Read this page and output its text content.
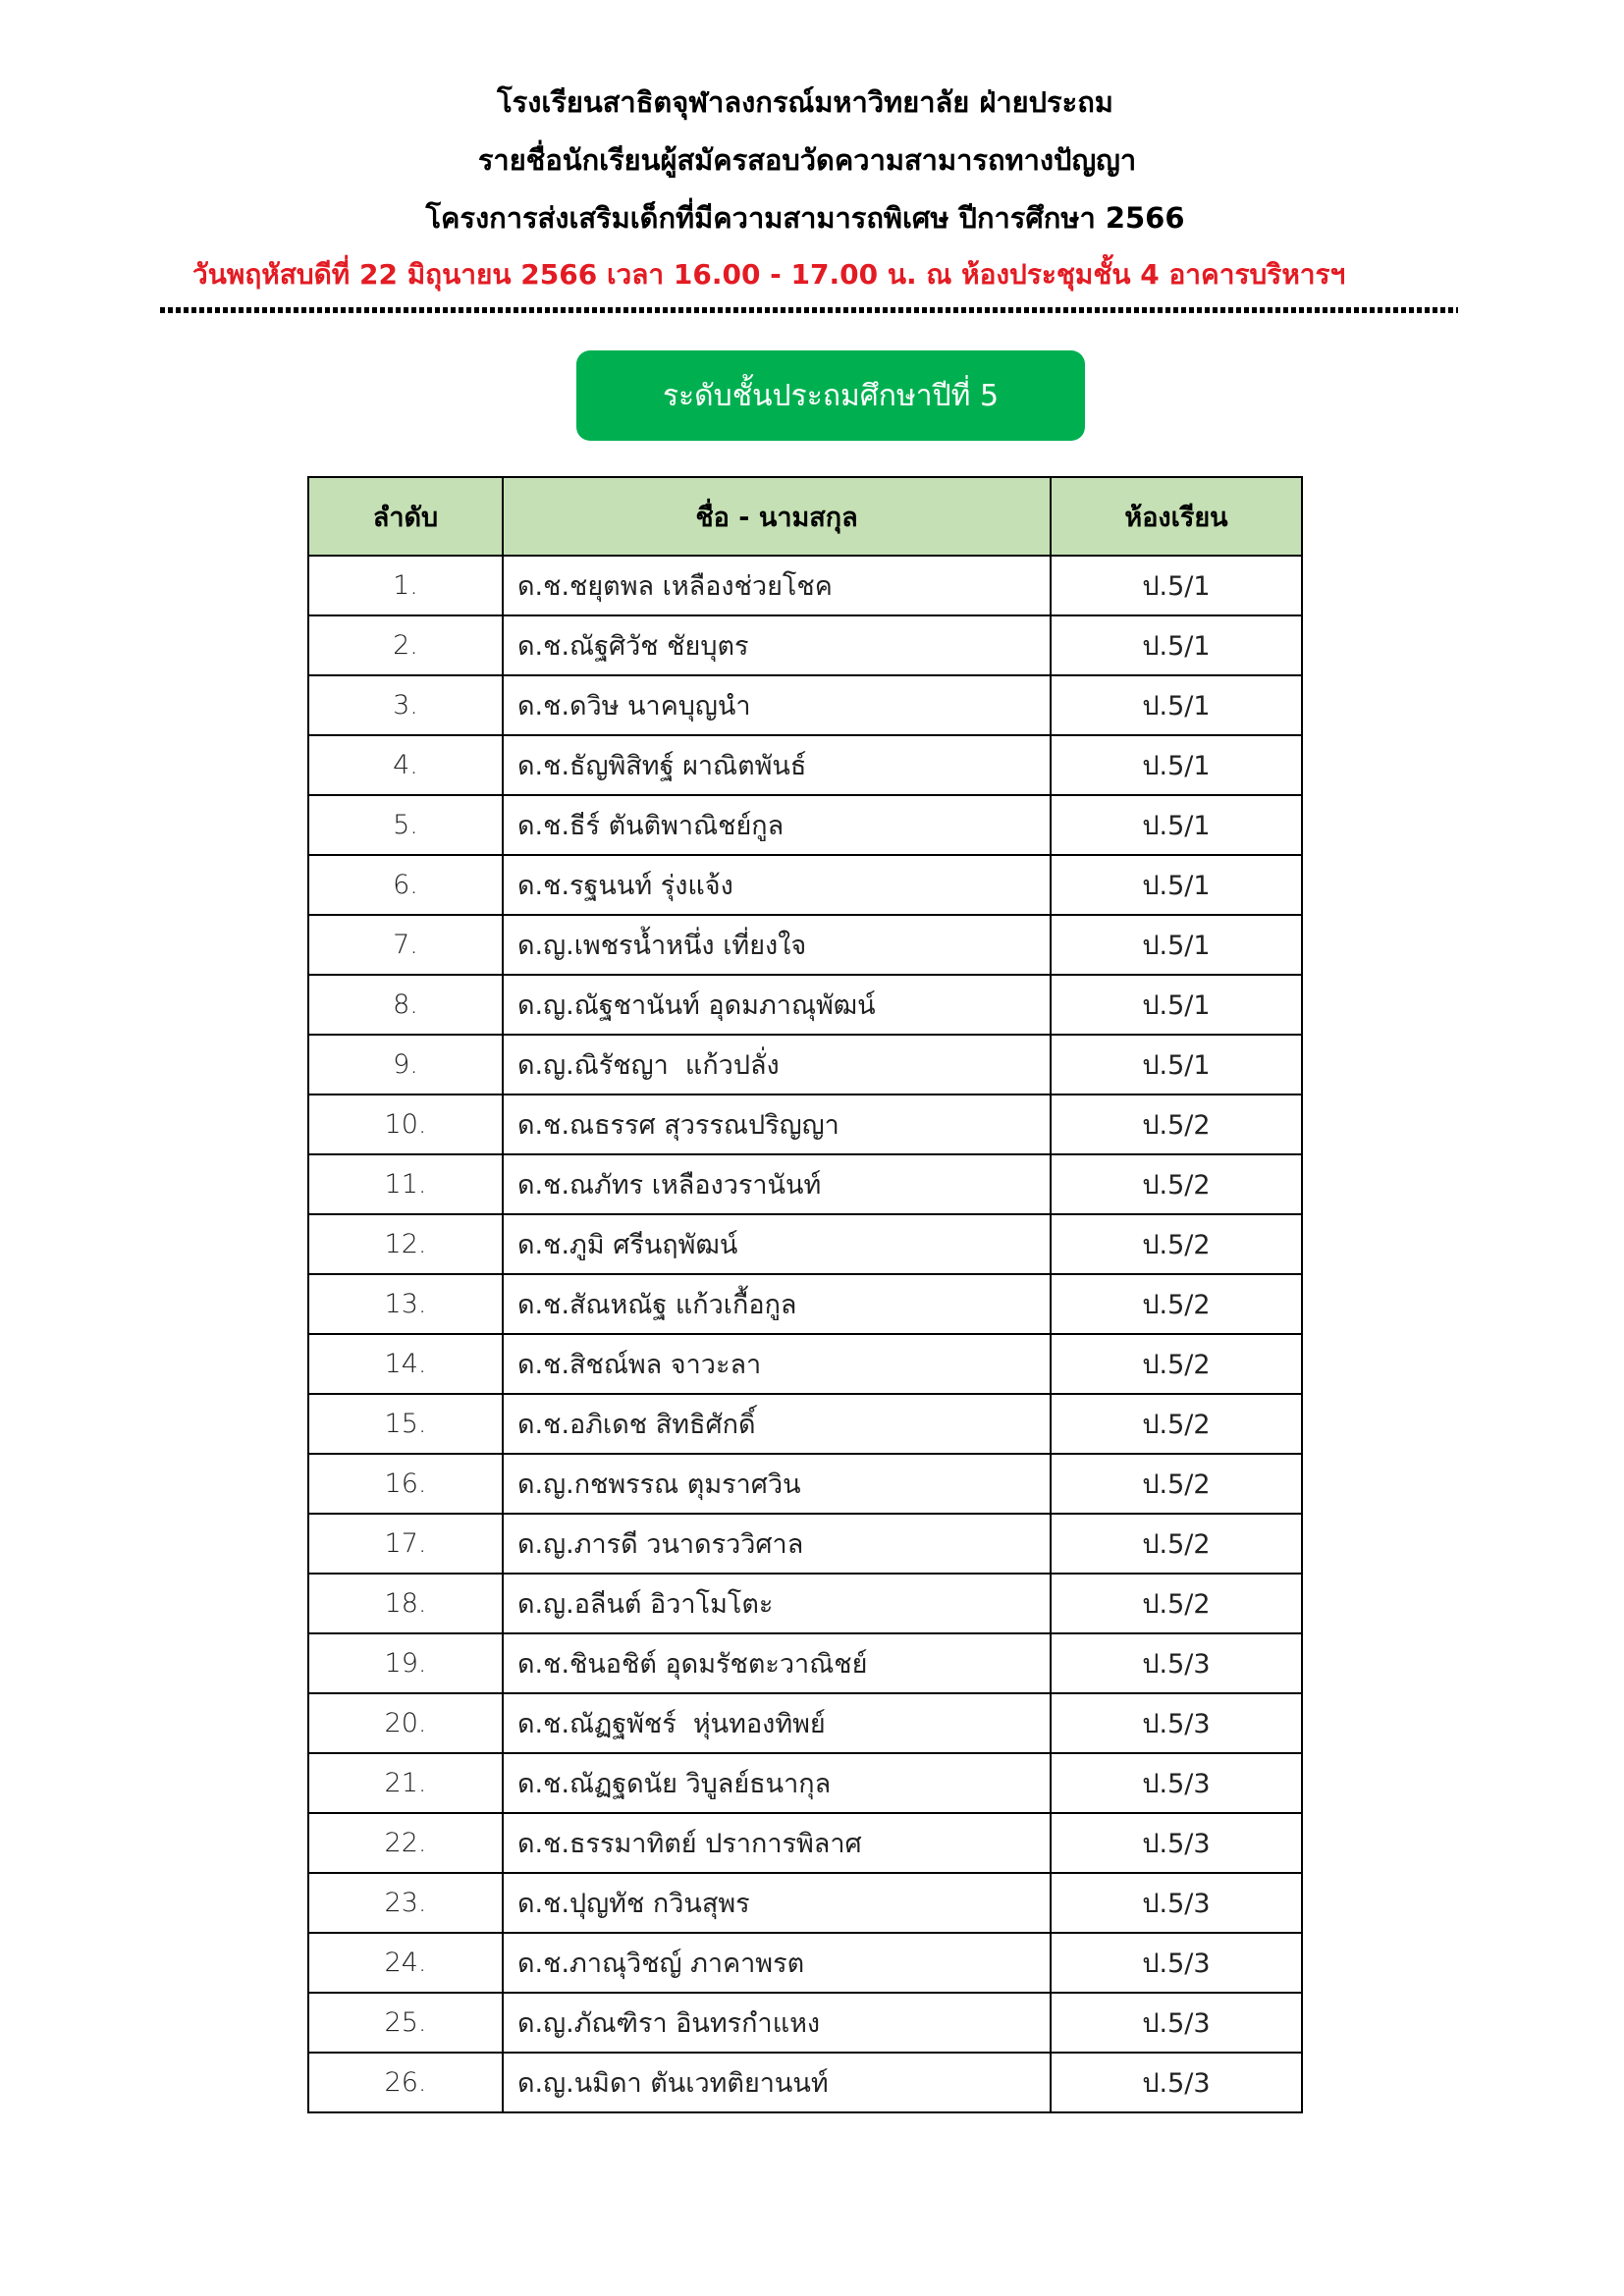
โรงเรียนสาธิตจุฬาลงกรณ์มหาวิทยาลัย ฝ่ายประถม
รายชื่อนักเรียนผู้สมัครสอบวัดความสามารถทางปัญญา
โครงการส่งเสริมเด็กที่มีความสามารถพิเศษ ปีการศึกษา 2566
วันพฤหัสบดีที่ 22 มิถุนายน 2566 เวลา 16.00 - 17.00 น. ณ ห้องประชุมชั้น 4 อาคารบริหารฯ
ระดับชั้นประถมศึกษาปีที่ 5
ลำดับ	ชื่อ - นามสกุล	ห้องเรียน
1.	ด.ช.ชยุตพล เหลืองช่วยโชค	ป.5/1
2.	ด.ช.ณัฐศิวัช ชัยบุตร	ป.5/1
3.	ด.ช.ดวิษ นาคบุญนำ	ป.5/1
4.	ด.ช.ธัญพิสิทฐ์ ผาณิตพันธ์	ป.5/1
5.	ด.ช.ธีร์ ตันติพาณิชย์กูล	ป.5/1
6.	ด.ช.รฐนนท์ รุ่งแจ้ง	ป.5/1
7.	ด.ญ.เพชรน้ำหนึ่ง เที่ยงใจ	ป.5/1
8.	ด.ญ.ณัฐชานันท์ อุดมภาณุพัฒน์	ป.5/1
9.	ด.ญ.ณิรัชญา  แก้วปลั่ง	ป.5/1
10.	ด.ช.ณธรรศ สุวรรณปริญญา	ป.5/2
11.	ด.ช.ณภัทร เหลืองวรานันท์	ป.5/2
12.	ด.ช.ภูมิ ศรีนฤพัฒน์	ป.5/2
13.	ด.ช.สัณหณัฐ แก้วเกื้อกูล	ป.5/2
14.	ด.ช.สิชณ์พล จาวะลา	ป.5/2
15.	ด.ช.อภิเดช สิทธิศักดิ์	ป.5/2
16.	ด.ญ.กชพรรณ ตุมราศวิน	ป.5/2
17.	ด.ญ.ภารดี วนาดรววิศาล	ป.5/2
18.	ด.ญ.อลีนต์ อิวาโมโตะ	ป.5/2
19.	ด.ช.ชินอชิต์ อุดมรัชตะวาณิชย์	ป.5/3
20.	ด.ช.ณัฏฐพัชร์  หุ่นทองทิพย์	ป.5/3
21.	ด.ช.ณัฏฐดนัย วิบูลย์ธนากุล	ป.5/3
22.	ด.ช.ธรรมาทิตย์ ปราการพิลาศ	ป.5/3
23.	ด.ช.ปุญทัช กวินสุพร	ป.5/3
24.	ด.ช.ภาณุวิชญ์ ภาคาพรต	ป.5/3
25.	ด.ญ.ภัณฑิรา อินทรกำแหง	ป.5/3
26.	ด.ญ.นมิดา ตันเวทติยานนท์	ป.5/3
